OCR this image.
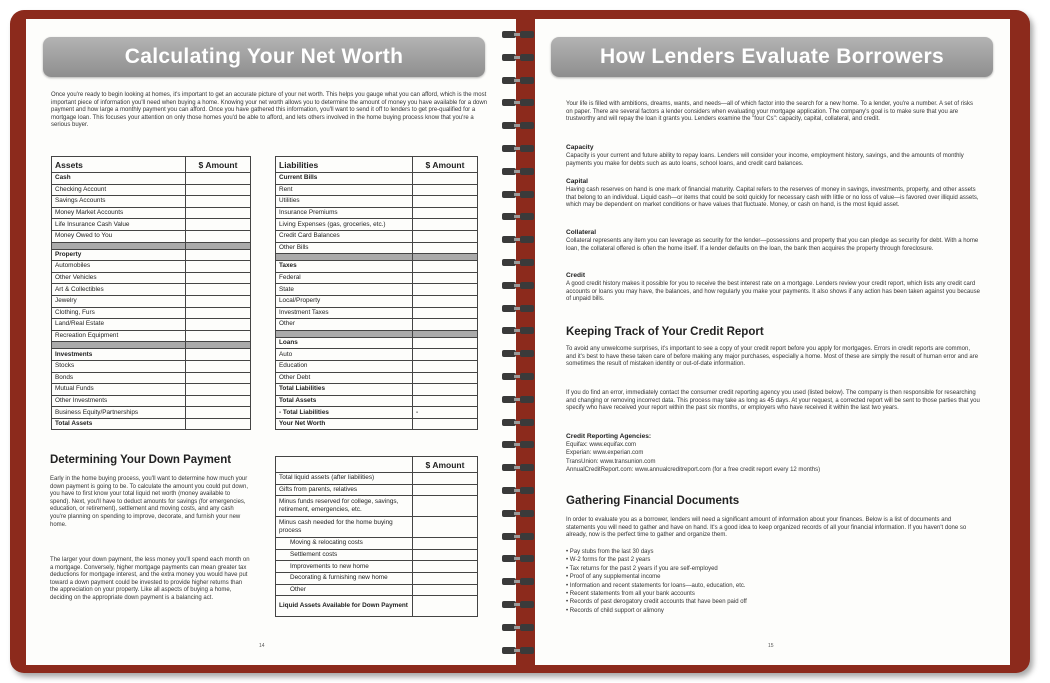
Calculating Your Net Worth
Once you're ready to begin looking at homes, it's important to get an accurate picture of your net worth. This helps you gauge what you can afford, which is the most important piece of information you'll need when buying a home. Knowing your net worth allows you to determine the amount of money you have available for a down payment and how large a monthly payment you can afford. Once you have gathered this information, you'll want to send it off to lenders to get pre-qualified for a mortgage loan. This focuses your attention on only those homes you'd be able to afford, and lets others involved in the home buying process know that you're a serious buyer.
Assets	$ Amount
Cash	
Checking Account	
Savings Accounts	
Money Market Accounts	
Life Insurance Cash Value	
Money Owed to You	

Property	
Automobiles	
Other Vehicles	
Art & Collectibles	
Jewelry	
Clothing, Furs	
Land/Real Estate	
Recreation Equipment	

Investments	
Stocks	
Bonds	
Mutual Funds	
Other Investments	
Business Equity/Partnerships	
Total Assets	
Liabilities	$ Amount
Current Bills	
Rent	
Utilities	
Insurance Premiums	
Living Expenses (gas, groceries, etc.)	
Credit Card Balances	
Other Bills	

Taxes	
Federal	
State	
Local/Property	
Investment Taxes	
Other	

Loans	
Auto	
Education	
Other Debt	
Total Liabilities	
Total Assets	
- Total Liabilities	-
Your Net Worth	
Determining Your Down Payment
Early in the home buying process, you'll want to determine how much your down payment is going to be. To calculate the amount you could put down, you have to first know your total liquid net worth (money available to spend). Next, you'll have to deduct amounts for savings (for emergencies, education, or retirement), settlement and moving costs, and any cash you're planning on spending to improve, decorate, and furnish your new home.
The larger your down payment, the less money you'll spend each month on a mortgage. Conversely, higher mortgage payments can mean greater tax deductions for mortgage interest, and the extra money you would have put toward a down payment could be invested to provide higher returns than the appreciation on your property. Like all aspects of buying a home, deciding on the appropriate down payment is a balancing act.
	$ Amount
Total liquid assets (after liabilities)	
Gifts from parents, relatives	
Minus funds reserved for college, savings, retirement, emergencies, etc.	
Minus cash needed for the home buying process	
Moving & relocating costs	
Settlement costs	
Improvements to new home	
Decorating & furnishing new home	
Other	
Liquid Assets Available for Down Payment	
14
How Lenders Evaluate Borrowers
Your life is filled with ambitions, dreams, wants, and needs—all of which factor into the search for a new home. To a lender, you're a number. A set of risks on paper. There are several factors a lender considers when evaluating your mortgage application. The company's goal is to make sure that you are trustworthy and will repay the loan it grants you. Lenders examine the "four Cs": capacity, capital, collateral, and credit.
Capacity
Capacity is your current and future ability to repay loans. Lenders will consider your income, employment history, savings, and the amounts of monthly payments you make for debts such as auto loans, school loans, and credit card balances.
Capital
Having cash reserves on hand is one mark of financial maturity. Capital refers to the reserves of money in savings, investments, property, and other assets that belong to an individual. Liquid cash—or items that could be sold quickly for necessary cash with little or no loss of value—is favored over illiquid assets, which may be dependent on market conditions or have values that fluctuate. Money, or cash on hand, is the most liquid asset.
Collateral
Collateral represents any item you can leverage as security for the lender—possessions and property that you can pledge as security for debt. With a home loan, the collateral offered is often the home itself. If a lender defaults on the loan, the bank then acquires the property through foreclosure.
Credit
A good credit history makes it possible for you to receive the best interest rate on a mortgage. Lenders review your credit report, which lists any credit card accounts or loans you may have, the balances, and how regularly you make your payments. It also shows if any action has been taken against you because of unpaid bills.
Keeping Track of Your Credit Report
To avoid any unwelcome surprises, it's important to see a copy of your credit report before you apply for mortgages. Errors in credit reports are common, and it's best to have these taken care of before making any major purchases, especially a home. Most of these are simply the result of human error and are sometimes the result of mistaken identity or out-of-date information.
If you do find an error, immediately contact the consumer credit reporting agency you used (listed below). The company is then responsible for researching and changing or removing incorrect data. This process may take as long as 45 days. At your request, a corrected report will be sent to those parties that you specify who have received your report within the past six months, or employers who have received it within the last two years.
Credit Reporting Agencies:
Equifax: www.equifax.com
Experian: www.experian.com
TransUnion: www.transunion.com
AnnualCreditReport.com: www.annualcreditreport.com (for a free credit report every 12 months)
Gathering Financial Documents
In order to evaluate you as a borrower, lenders will need a significant amount of information about your finances. Below is a list of documents and statements you will need to gather and have on hand. It's a good idea to keep organized records of all your financial information. If you haven't done so already, now is the perfect time to gather and organize them.
• Pay stubs from the last 30 days
• W-2 forms for the past 2 years
• Tax returns for the past 2 years if you are self-employed
• Proof of any supplemental income
• Information and recent statements for loans—auto, education, etc.
• Recent statements from all your bank accounts
• Records of past derogatory credit accounts that have been paid off
• Records of child support or alimony
15
